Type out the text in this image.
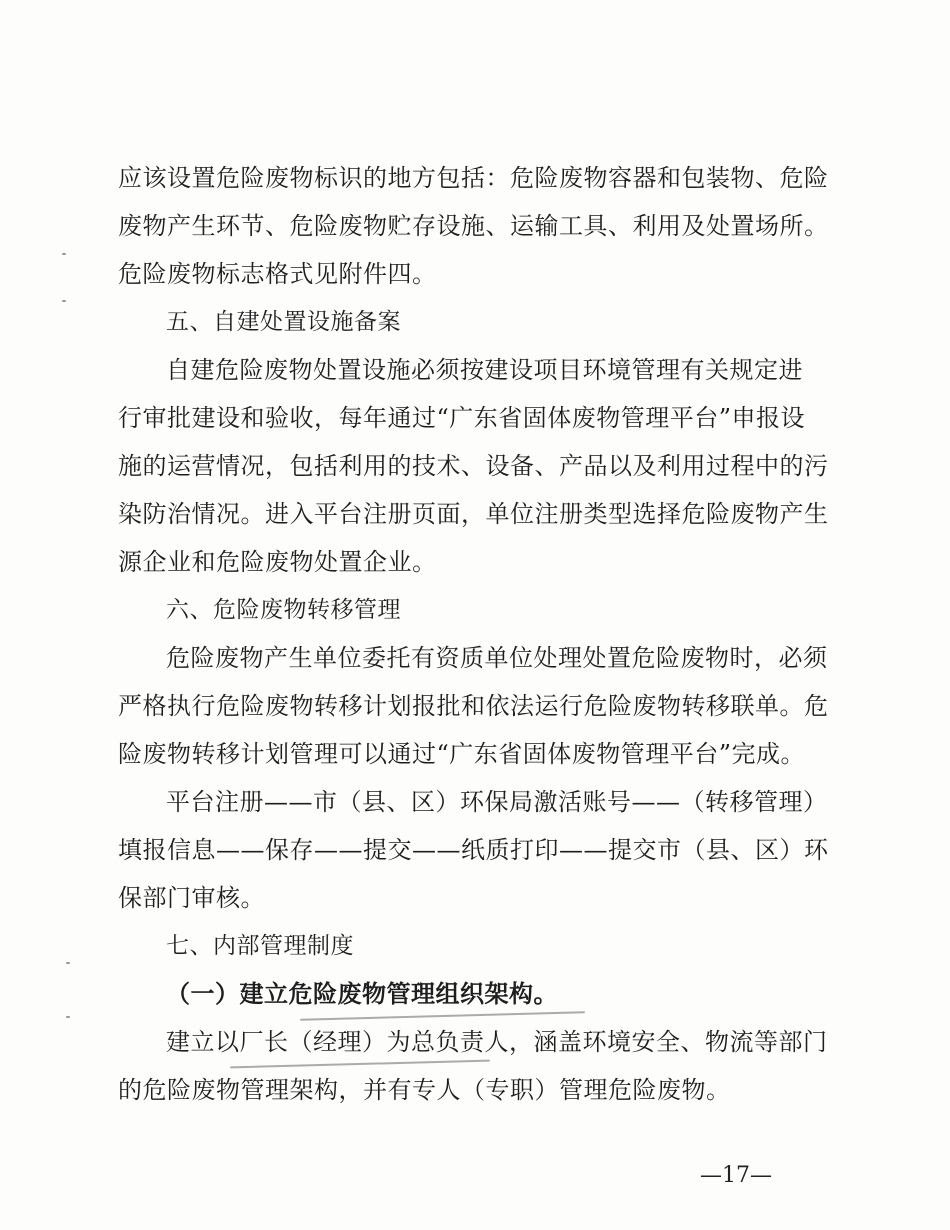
应该设置危险废物标识的地方包括：危险废物容器和包装物、危险
废物产生环节、危险废物贮存设施、运输工具、利用及处置场所。
危险废物标志格式见附件四。
五、自建处置设施备案
自建危险废物处置设施必须按建设项目环境管理有关规定进
行审批建设和验收，每年通过“广东省固体废物管理平台”申报设
施的运营情况，包括利用的技术、设备、产品以及利用过程中的污
染防治情况。进入平台注册页面，单位注册类型选择危险废物产生
源企业和危险废物处置企业。
六、危险废物转移管理
危险废物产生单位委托有资质单位处理处置危险废物时，必须
严格执行危险废物转移计划报批和依法运行危险废物转移联单。危
险废物转移计划管理可以通过“广东省固体废物管理平台”完成。
平台注册——市（县、区）环保局激活账号——（转移管理）
填报信息——保存——提交——纸质打印——提交市（县、区）环
保部门审核。
七、内部管理制度
（一）建立危险废物管理组织架构。
建立以厂长（经理）为总负责人，涵盖环境安全、物流等部门
的危险废物管理架构，并有专人（专职）管理危险废物。
—17—
